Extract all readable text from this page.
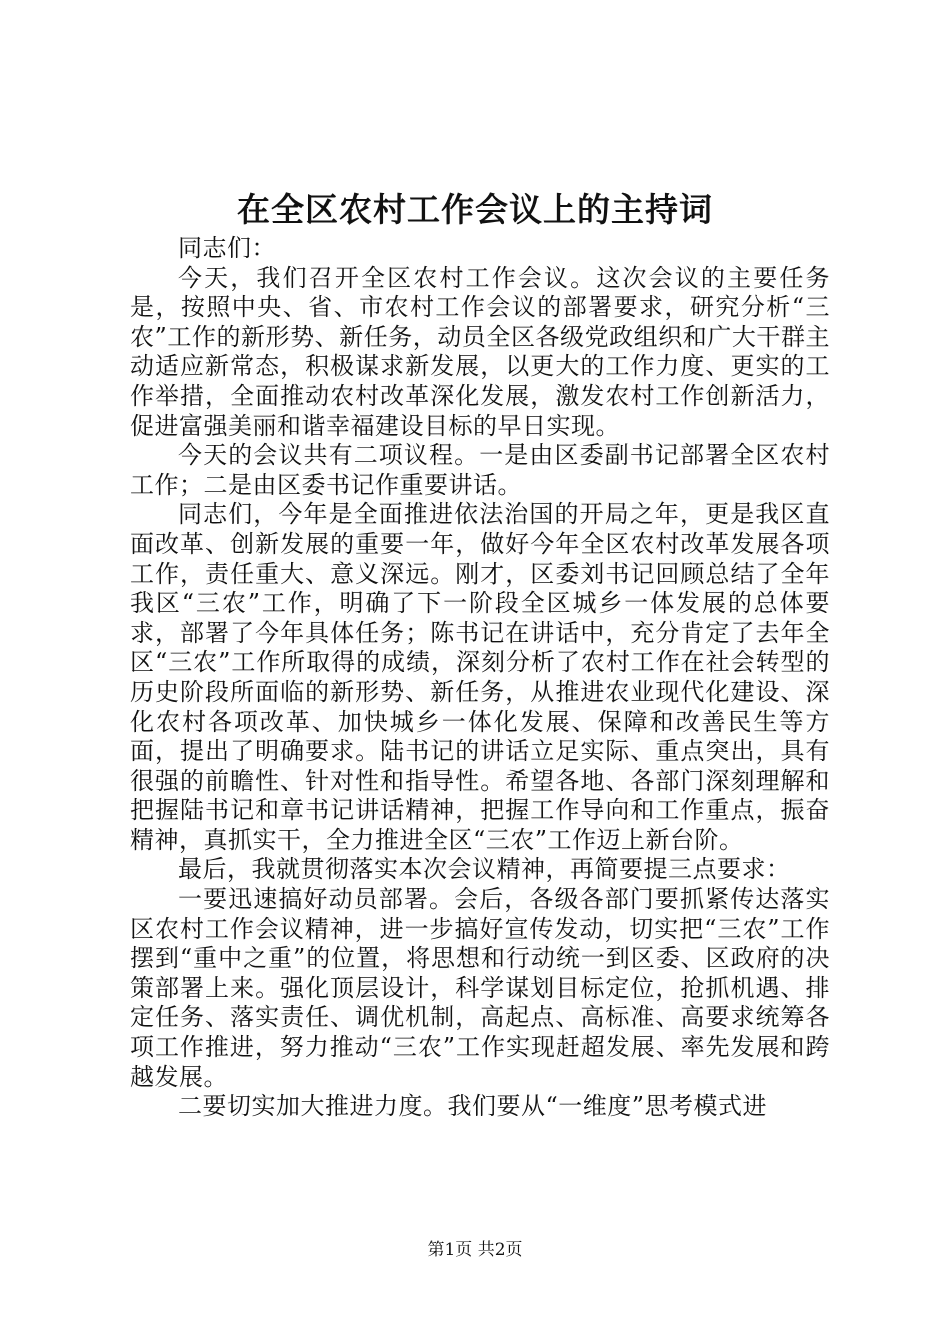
在全区农村工作会议上的主持词

同志们：

今天，我们召开全区农村工作会议。这次会议的主要任务是，按照中央、省、市农村工作会议的部署要求，研究分析“三农”工作的新形势、新任务，动员全区各级党政组织和广大干群主动适应新常态，积极谋求新发展，以更大的工作力度、更实的工作举措，全面推动农村改革深化发展，激发农村工作创新活力，促进富强美丽和谐幸福建设目标的早日实现。

今天的会议共有二项议程。一是由区委副书记部署全区农村工作；二是由区委书记作重要讲话。

同志们，今年是全面推进依法治国的开局之年，更是我区直面改革、创新发展的重要一年，做好今年全区农村改革发展各项工作，责任重大、意义深远。刚才，区委刘书记回顾总结了全年我区“三农”工作，明确了下一阶段全区城乡一体发展的总体要求，部署了今年具体任务；陈书记在讲话中，充分肯定了去年全区“三农”工作所取得的成绩，深刻分析了农村工作在社会转型的历史阶段所面临的新形势、新任务，从推进农业现代化建设、深化农村各项改革、加快城乡一体化发展、保障和改善民生等方面，提出了明确要求。陆书记的讲话立足实际、重点突出，具有很强的前瞻性、针对性和指导性。希望各地、各部门深刻理解和把握陆书记和章书记讲话精神，把握工作导向和工作重点，振奋精神，真抓实干，全力推进全区“三农”工作迈上新台阶。

最后，我就贯彻落实本次会议精神，再简要提三点要求：

一要迅速搞好动员部署。会后，各级各部门要抓紧传达落实区农村工作会议精神，进一步搞好宣传发动，切实把“三农”工作摆到“重中之重”的位置，将思想和行动统一到区委、区政府的决策部署上来。强化顶层设计，科学谋划目标定位，抢抓机遇、排定任务、落实责任、调优机制，高起点、高标准、高要求统筹各项工作推进，努力推动“三农”工作实现赶超发展、率先发展和跨越发展。

二要切实加大推进力度。我们要从“一维度”思考模式进

第1页 共2页
